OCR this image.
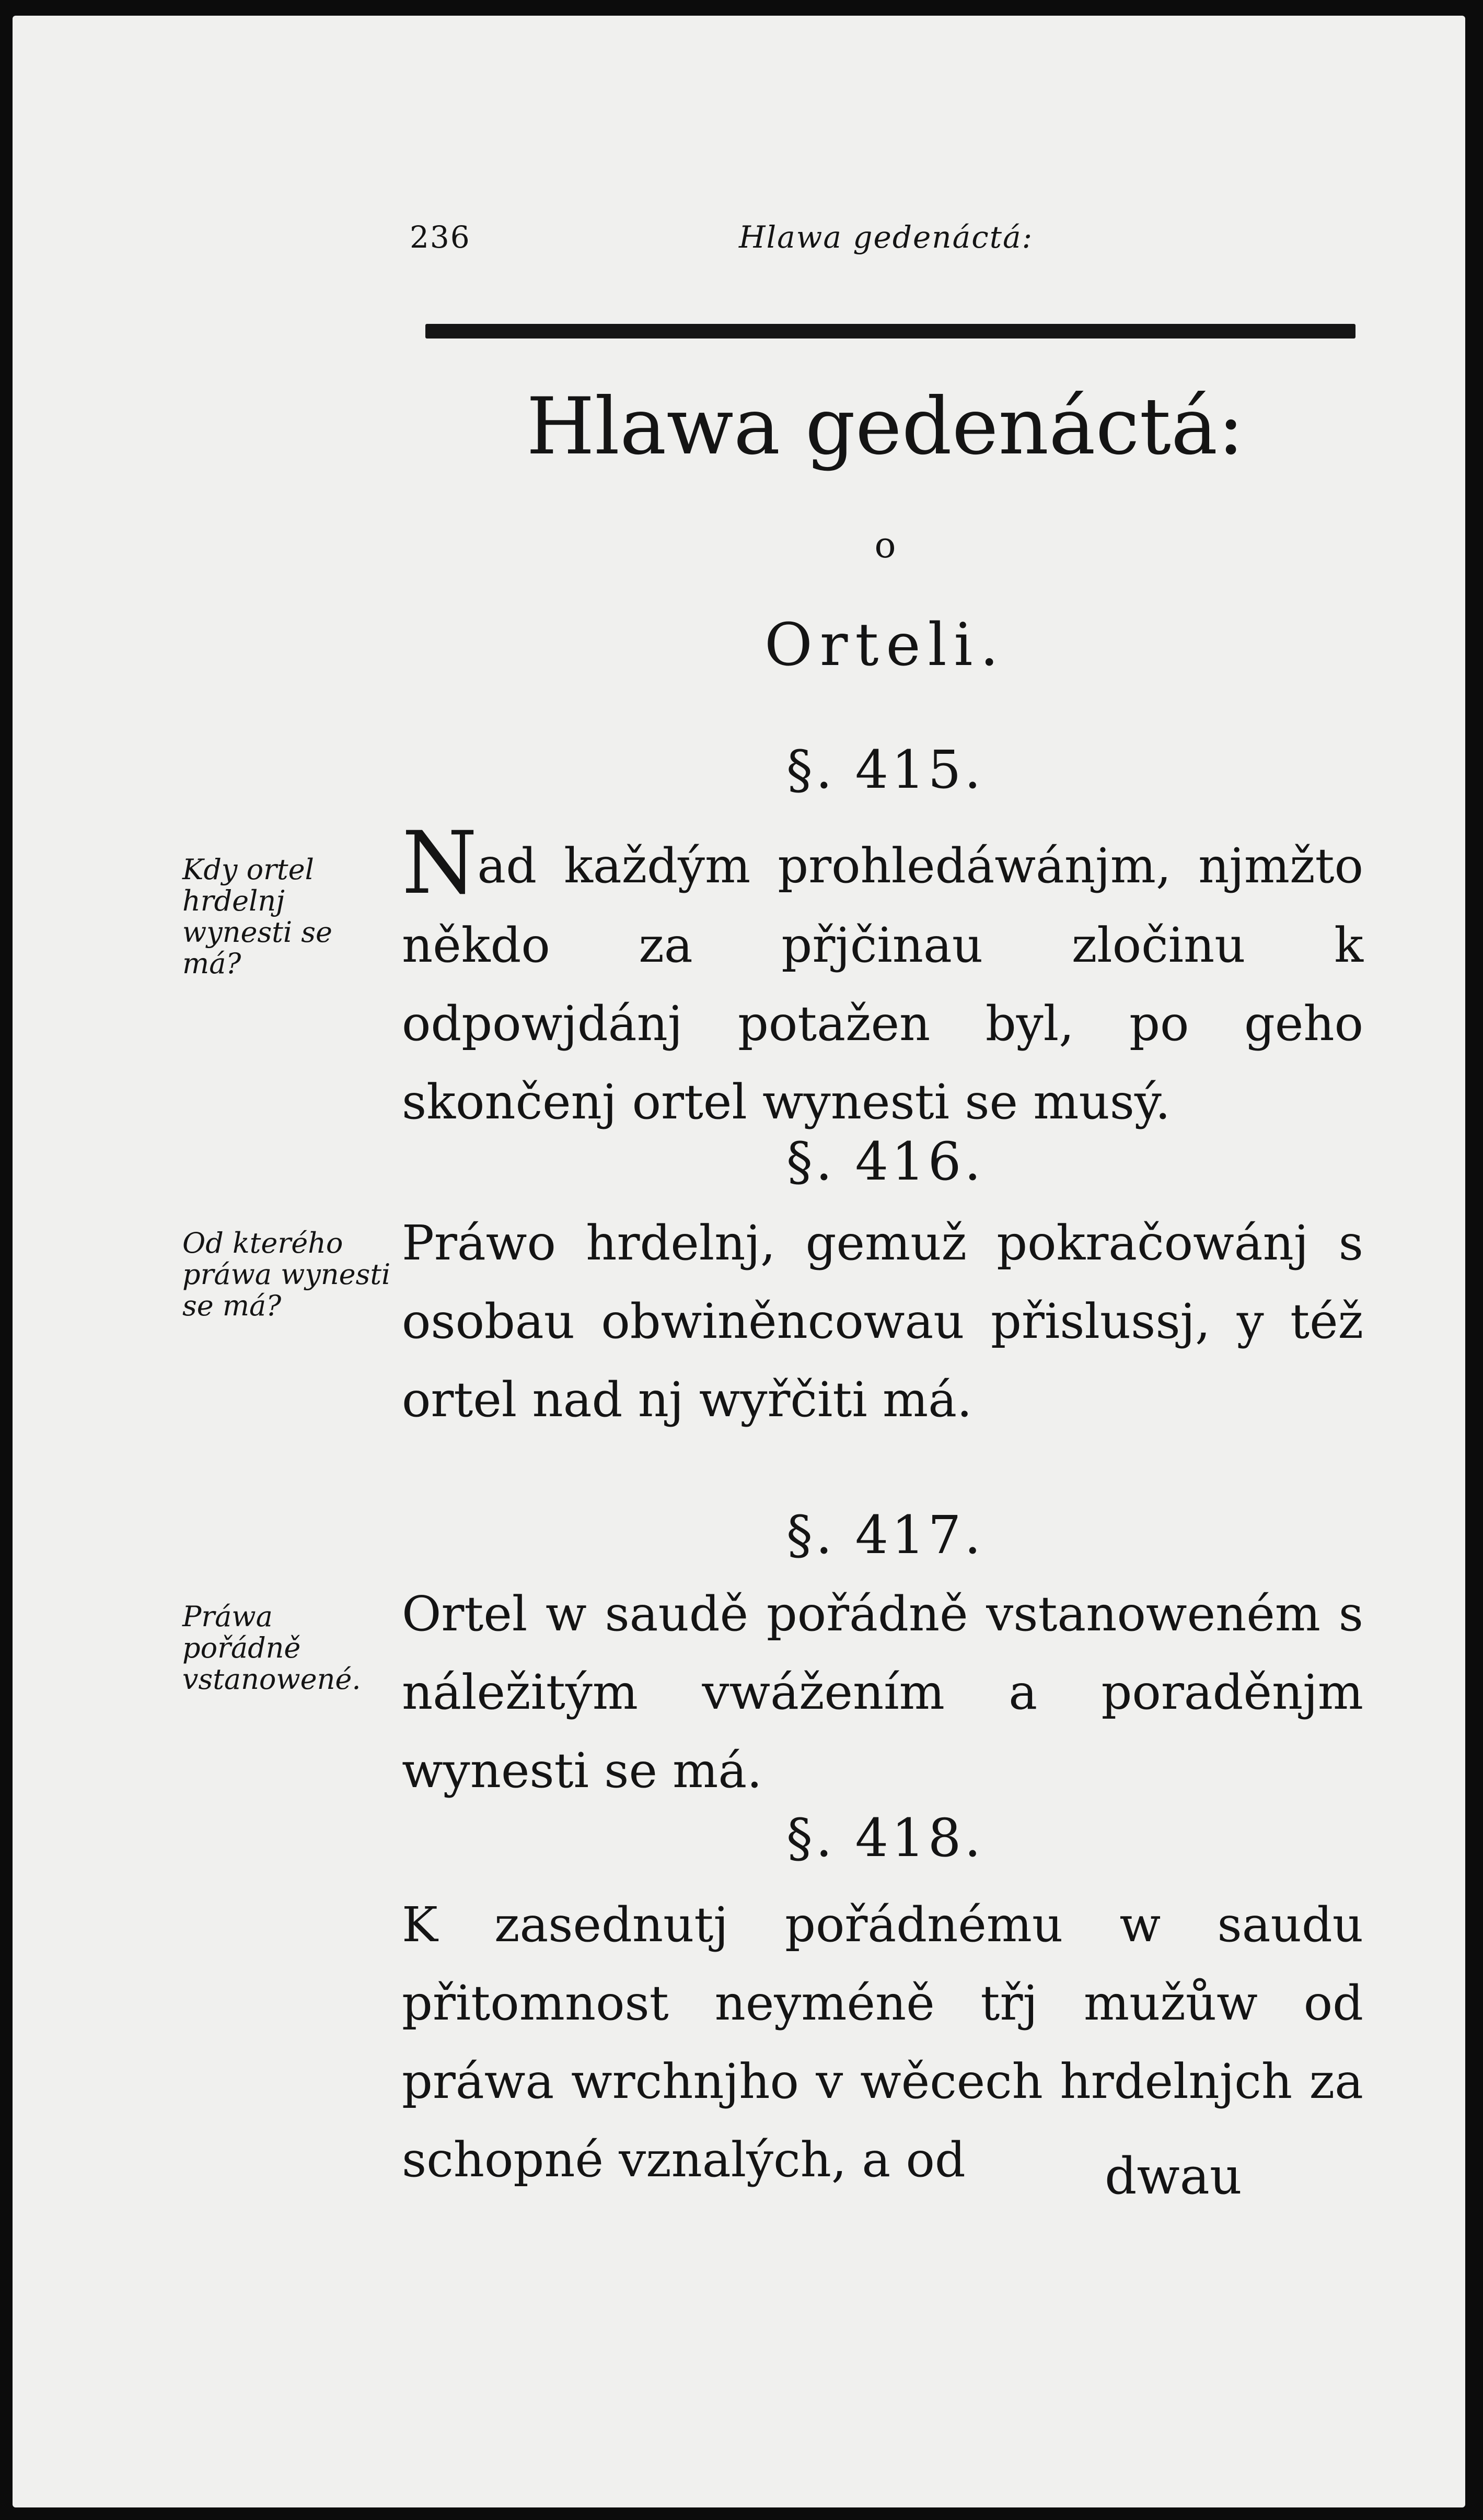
236	Hlawa gedenáctá:
Hlawa gedenáctá:
o
Orteli.
§. 415.
Kdy ortel hrdelnj wynesti se má?
Nad každým prohledáwánjm, njmžto někdo za přjčinau zločinu k odpowjdánj potažen byl, po geho skončenj ortel wynesti se musý.
§. 416.
Od kterého práwa wynesti se má?
Práwo hrdelnj, gemuž pokračowánj s osobau obwiněncowau přislussj, y též ortel nad nj wyřčiti má.
§. 417.
Práwa pořádně vstanowené.
Ortel w saudě pořádně vstanoweném s náležitým vwážením a poraděnjm wynesti se má.
§. 418.
K zasednutj pořádnému w saudu přitomnost neyméně třj mužůw od práwa wrchnjho v wěcech hrdelnjch za schopné vznalých, a od	dwau
